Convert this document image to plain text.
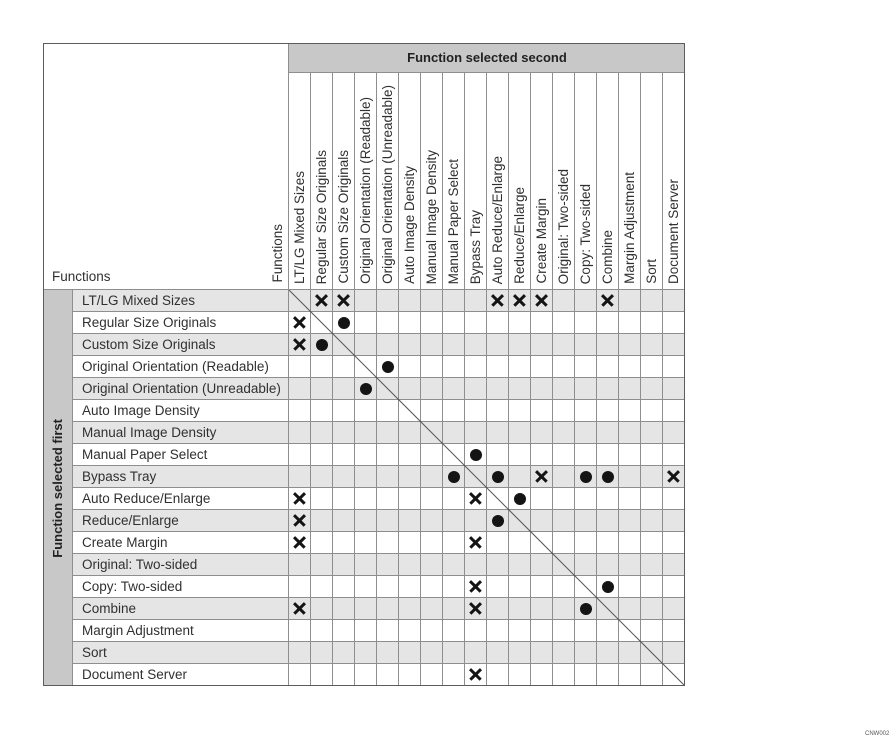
Functions	Functions
Function selected second
Function selected first
CNW002
LT/LG Mixed Sizes Regular Size Originals Custom Size Originals Original Orientation (Readable) Original Orientation (Unreadable) Auto Image Density Manual Image Density Manual Paper Select Bypass Tray Auto Reduce/Enlarge Reduce/Enlarge Create Margin Original: Two-sided Copy: Two-sided Combine Margin Adjustment Sort Document Server
LT/LG Mixed Sizes
Regular Size Originals
Custom Size Originals
Original Orientation (Readable)
Original Orientation (Unreadable)
Auto Image Density
Manual Image Density
Manual Paper Select
Bypass Tray
Auto Reduce/Enlarge
Reduce/Enlarge
Create Margin
Original: Two-sided
Copy: Two-sided
Combine
Margin Adjustment
Sort
Document Server
